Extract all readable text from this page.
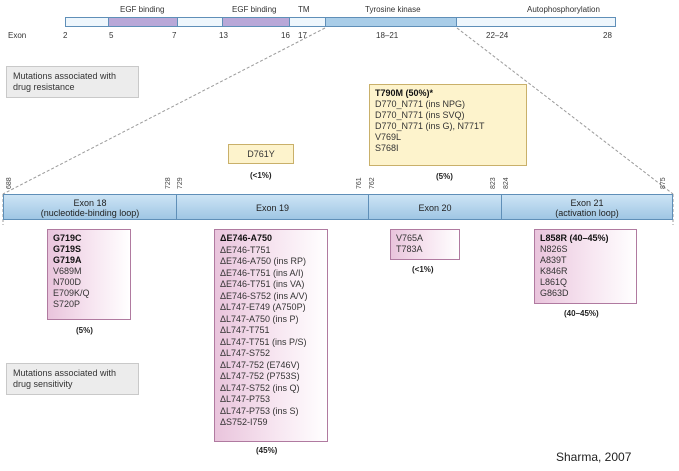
EGF binding	EGF binding	TM	Tyrosine kinase	Autophosphorylation
Exon	2	5	7	13	16 17	18–21	22–24	28
Mutations associated with drug resistance
T790M (50%)*
D770_N771 (ins NPG)
D770_N771 (ins SVQ)
D770_N771 (ins G), N771T
V769L
S768I
(5%)
D761Y
(<1%)
688	728 729	761 762	823 824	875
Exon 18
(nucleotide-binding loop)	Exon 19	Exon 20	Exon 21
(activation loop)
G719C
G719S
G719A
V689M
N700D
E709K/Q
S720P
(5%)
ΔE746-A750
ΔE746-T751
ΔE746-A750 (ins RP)
ΔE746-T751 (ins A/I)
ΔE746-T751 (ins VA)
ΔE746-S752 (ins A/V)
ΔL747-E749 (A750P)
ΔL747-A750 (ins P)
ΔL747-T751
ΔL747-T751 (ins P/S)
ΔL747-S752
ΔL747-752 (E746V)
ΔL747-752 (P753S)
ΔL747-S752 (ins Q)
ΔL747-P753
ΔL747-P753 (ins S)
ΔS752-I759
(45%)
V765A
T783A
(<1%)
L858R (40–45%)
N826S
A839T
K846R
L861Q
G863D
(40–45%)
Mutations associated with drug sensitivity
Sharma, 2007
